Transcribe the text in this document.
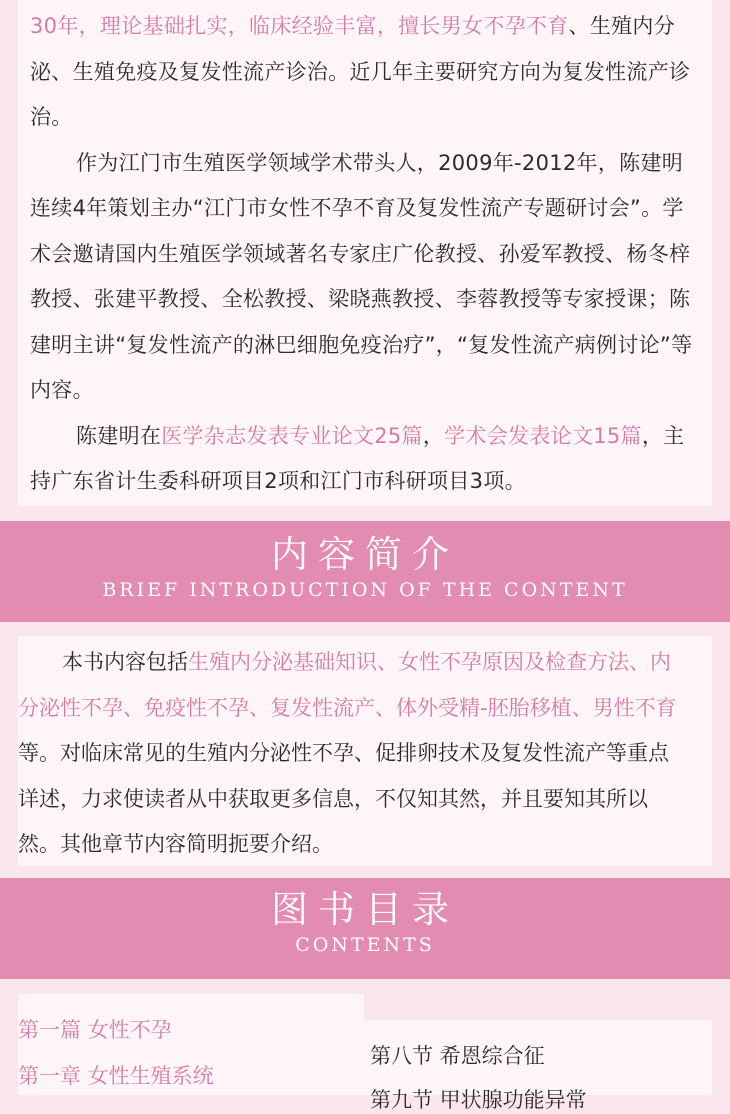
30年，理论基础扎实，临床经验丰富，擅长男女不孕不育、生殖内分泌、生殖免疫及复发性流产诊治。近几年主要研究方向为复发性流产诊治。

作为江门市生殖医学领域学术带头人，2009年-2012年，陈建明连续4年策划主办“江门市女性不孕不育及复发性流产专题研讨会”。学术会邀请国内生殖医学领域著名专家庄广伦教授、孙爱军教授、杨冬梓教授、张建平教授、全松教授、梁晓燕教授、李蓉教授等专家授课；陈建明主讲“复发性流产的淋巴细胞免疫治疗”，“复发性流产病例讨论”等内容。

陈建明在医学杂志发表专业论文25篇，学术会发表论文15篇，主持广东省计生委科研项目2项和江门市科研项目3项。

内容简介
BRIEF INTRODUCTION OF THE CONTENT

本书内容包括生殖内分泌基础知识、女性不孕原因及检查方法、内分泌性不孕、免疫性不孕、复发性流产、体外受精-胚胎移植、男性不育等。对临床常见的生殖内分泌性不孕、促排卵技术及复发性流产等重点详述，力求使读者从中获取更多信息，不仅知其然，并且要知其所以然。其他章节内容简明扼要介绍。

图书目录
CONTENTS
第一篇 女性不孕
第一章 女性生殖系统
第八节 希恩综合征
第九节 甲状腺功能异常
